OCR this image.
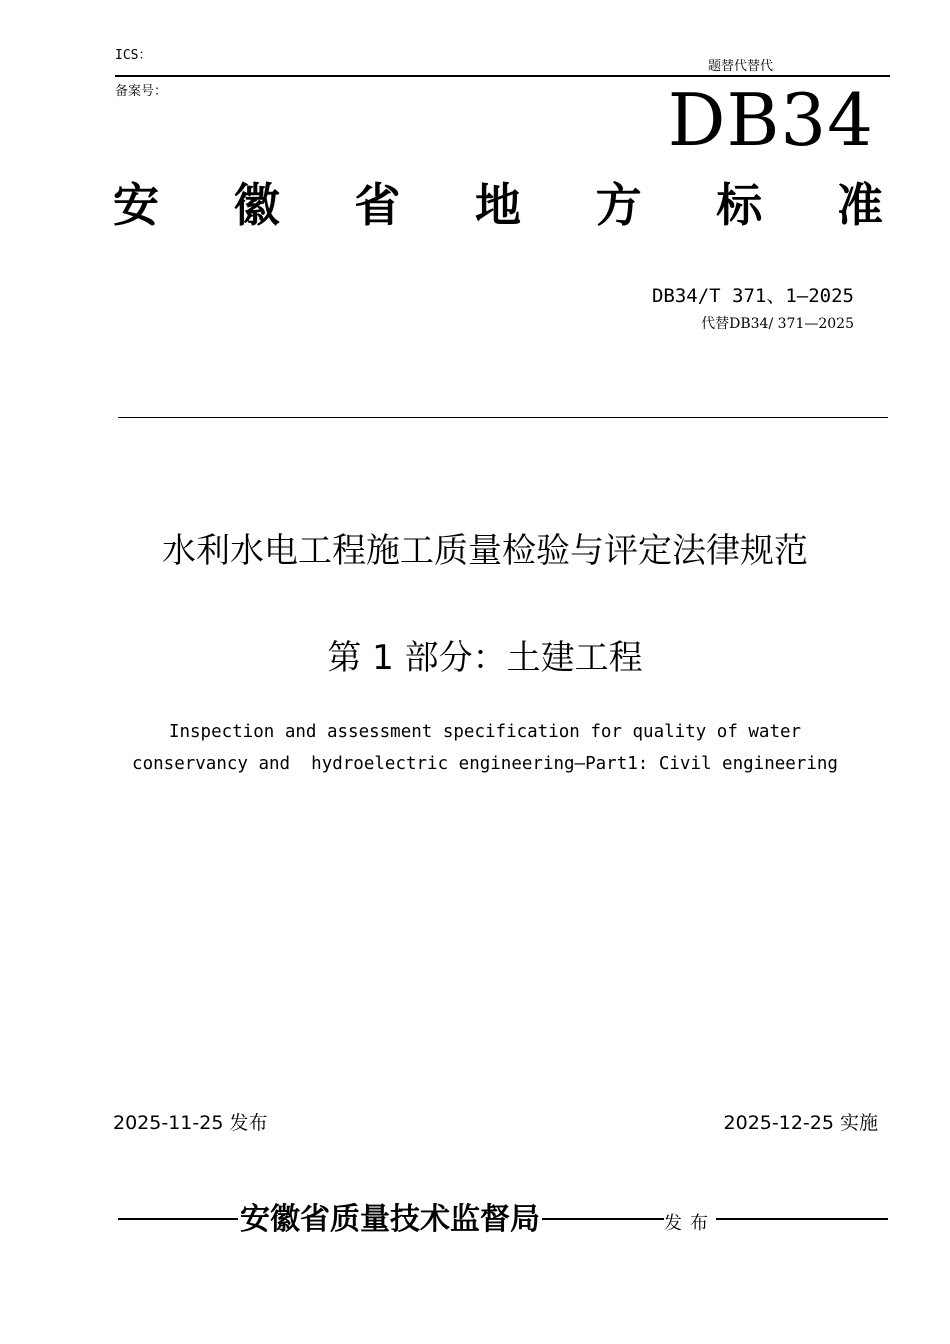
ICS：
题替代替代
备案号：	DB34
安 徽 省 地 方 标 准
DB34/T 371、1—2025
代替DB34/ 371—2025
水利水电工程施工质量检验与评定法律规范
第 1 部分：土建工程
Inspection and assessment specification for quality of water
conservancy and  hydroelectric engineering—Part1: Civil engineering
2025-11-25 发布	2025-12-25 实施
安徽省质量技术监督局	发布
